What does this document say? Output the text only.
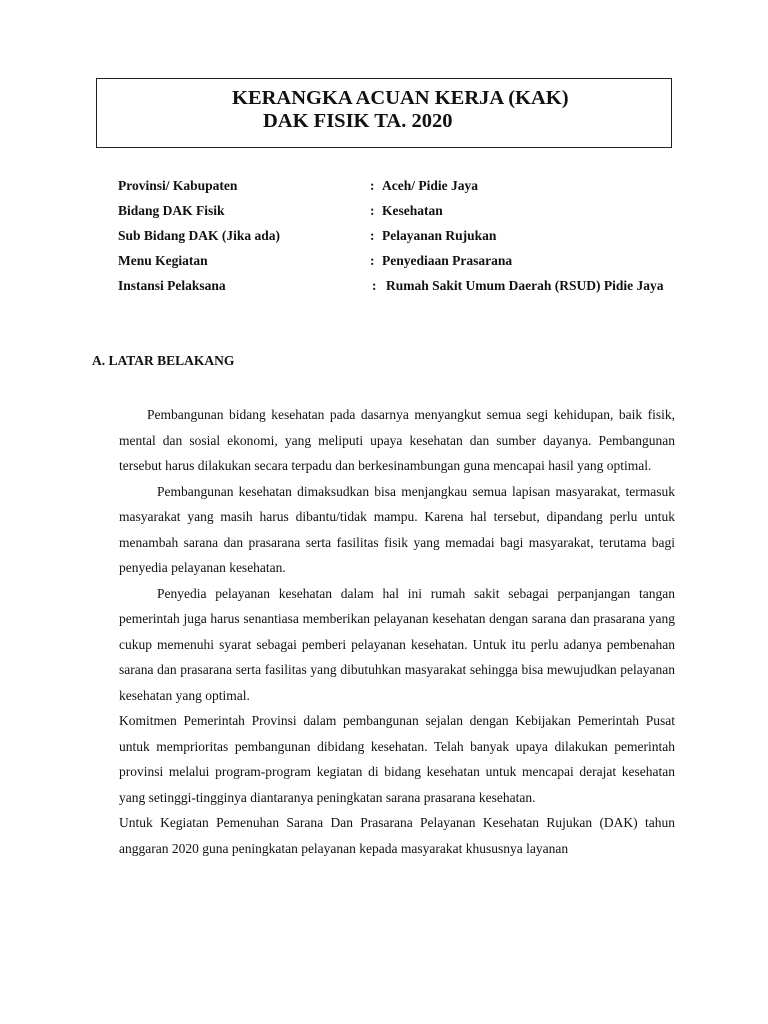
KERANGKA ACUAN KERJA (KAK)
DAK FISIK TA. 2020
Provinsi/ Kabupaten	: Aceh/ Pidie Jaya
Bidang DAK Fisik	: Kesehatan
Sub Bidang DAK (Jika ada)	: Pelayanan Rujukan
Menu Kegiatan	: Penyediaan Prasarana
Instansi Pelaksana	: Rumah Sakit Umum Daerah (RSUD) Pidie Jaya
A. LATAR BELAKANG

Pembangunan bidang kesehatan pada dasarnya menyangkut semua segi kehidupan, baik fisik, mental dan sosial ekonomi, yang meliputi upaya kesehatan dan sumber dayanya. Pembangunan tersebut harus dilakukan secara terpadu dan berkesinambungan guna mencapai hasil yang optimal.

Pembangunan kesehatan dimaksudkan bisa menjangkau semua lapisan masyarakat, termasuk masyarakat yang masih harus dibantu/tidak mampu. Karena hal tersebut, dipandang perlu untuk menambah sarana dan prasarana serta fasilitas fisik yang memadai bagi masyarakat, terutama bagi penyedia pelayanan kesehatan.

Penyedia pelayanan kesehatan dalam hal ini rumah sakit sebagai perpanjangan tangan pemerintah juga harus senantiasa memberikan pelayanan kesehatan dengan sarana dan prasarana yang cukup memenuhi syarat sebagai pemberi pelayanan kesehatan. Untuk itu perlu adanya pembenahan sarana dan prasarana serta fasilitas yang dibutuhkan masyarakat sehingga bisa mewujudkan pelayanan kesehatan yang optimal.

Komitmen Pemerintah Provinsi dalam pembangunan sejalan dengan Kebijakan Pemerintah Pusat untuk memprioritas pembangunan dibidang kesehatan. Telah banyak upaya dilakukan pemerintah provinsi melalui program-program kegiatan di bidang kesehatan untuk mencapai derajat kesehatan yang setinggi-tingginya diantaranya peningkatan sarana prasarana kesehatan.

Untuk Kegiatan Pemenuhan Sarana Dan Prasarana Pelayanan Kesehatan Rujukan (DAK) tahun anggaran 2020 guna peningkatan pelayanan kepada masyarakat khususnya layanan
